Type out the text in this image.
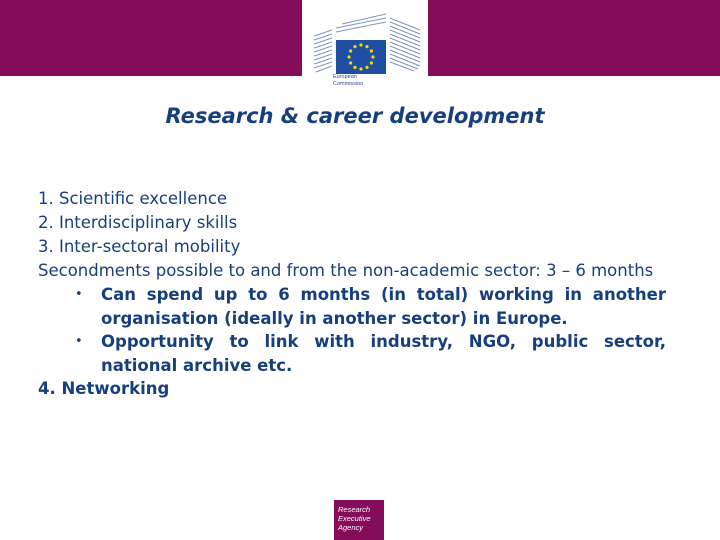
European
Commission
Research & career development
1. Scientific excellence
2. Interdisciplinary skills
3. Inter-sectoral mobility
Secondments possible to and from the non-academic sector: 3 – 6 months
• Can spend up to 6 months (in total) working in another organisation (ideally in another sector) in Europe.
• Opportunity to link with industry, NGO, public sector, national archive etc.
4. Networking
Research
Executive
Agency
